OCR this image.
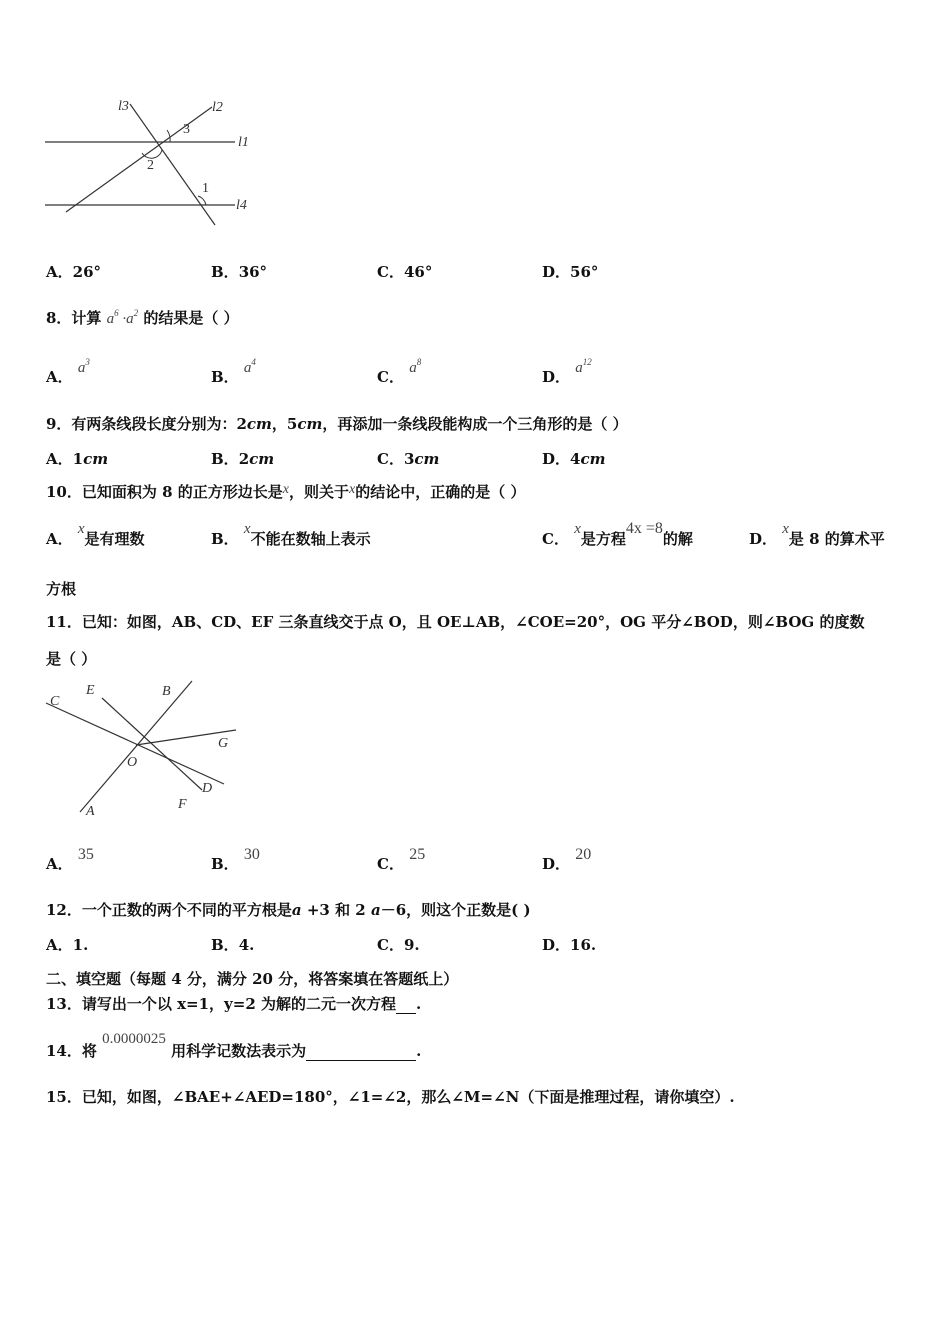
l3	l2
l1
l4
3
2
1
A．26°	B．36°	C．46°	D．56°
8．计算 $a^6 \cdot a^2$ 的结果是（ ）
A． $a^3$
B． $a^4$
C． $a^8$
D． $a^{12}$
9．有两条线段长度分别为：2cm，5cm，再添加一条线段能构成一个三角形的是（ ）
A．1cm	B．2cm	C．3cm	D．4cm
10．已知面积为 8 的正方形边长是x，则关于x的结论中，正确的是（ ）
A． x是有理数	B． x不能在数轴上表示	C． x是方程4x =8的解	D． x是 8 的算术平
方根
11．已知：如图，AB、CD、EF 三条直线交于点 O，且 OE⊥AB，∠COE=20°，OG 平分∠BOD，则∠BOG 的度数
是（ ）
C
E	B
G
O
D
A	F
A． 35
B． 30
C． 25
D． 20
12．一个正数的两个不同的平方根是a +3 和 2 a－6，则这个正数是( )
A．1.	B．4.	C．9.	D．16.
二、填空题（每题 4 分，满分 20 分，将答案填在答题纸上）
13．请写出一个以 x=1，y=2 为解的二元一次方程 .
14．将 0.0000025 用科学记数法表示为	.
15．已知，如图，∠BAE+∠AED=180°，∠1=∠2，那么∠M=∠N（下面是推理过程，请你填空）.
